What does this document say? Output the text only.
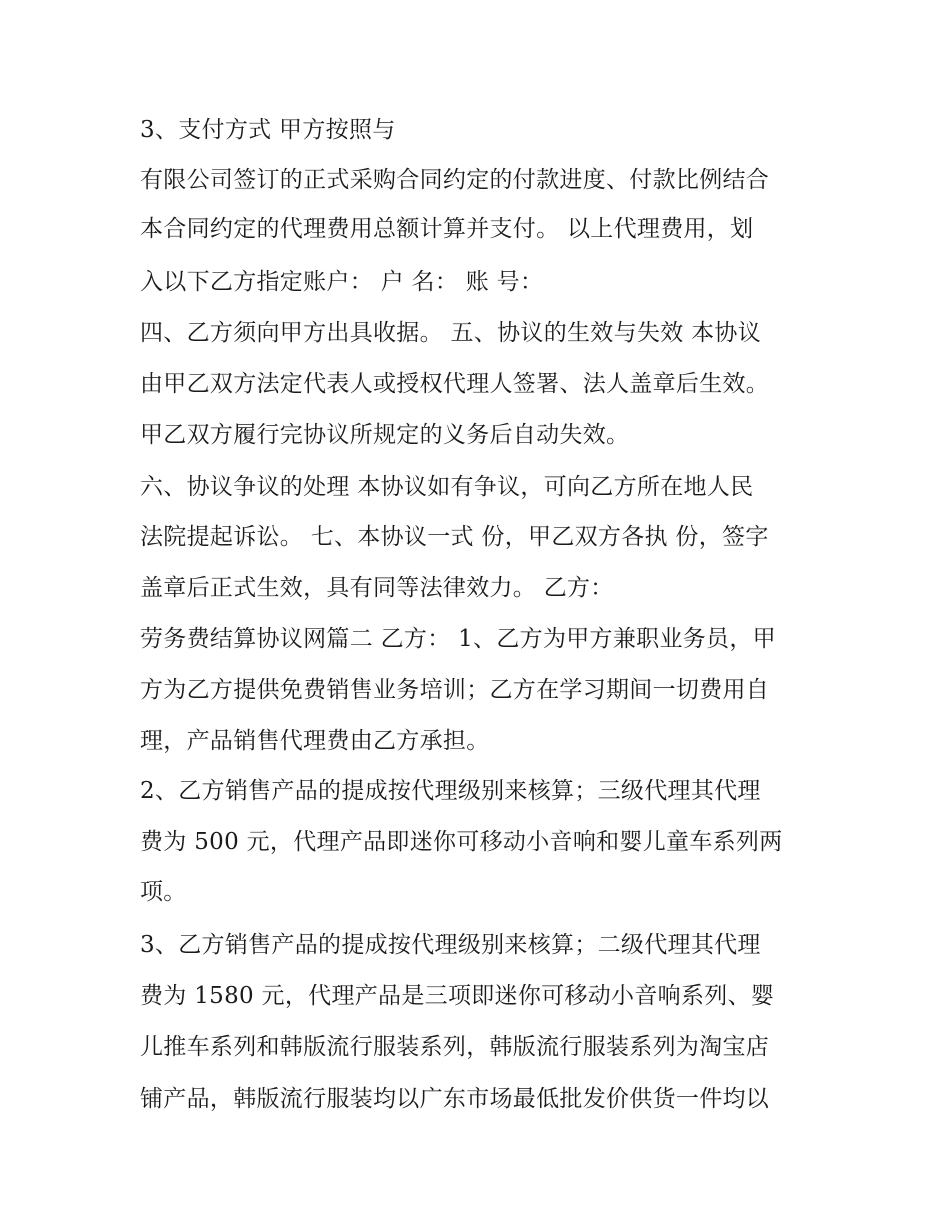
3、支付方式 甲方按照与
有限公司签订的正式采购合同约定的付款进度、付款比例结合
本合同约定的代理费用总额计算并支付。 以上代理费用，划
入以下乙方指定账户： 户 名： 账 号：
四、乙方须向甲方出具收据。 五、协议的生效与失效 本协议
由甲乙双方法定代表人或授权代理人签署、法人盖章后生效。
甲乙双方履行完协议所规定的义务后自动失效。
六、协议争议的处理 本协议如有争议，可向乙方所在地人民
法院提起诉讼。 七、本协议一式 份，甲乙双方各执 份，签字
盖章后正式生效，具有同等法律效力。 乙方：
劳务费结算协议网篇二 乙方： 1、乙方为甲方兼职业务员，甲
方为乙方提供免费销售业务培训；乙方在学习期间一切费用自
理，产品销售代理费由乙方承担。
2、乙方销售产品的提成按代理级别来核算；三级代理其代理
费为 500 元，代理产品即迷你可移动小音响和婴儿童车系列两
项。
3、乙方销售产品的提成按代理级别来核算；二级代理其代理
费为 1580 元，代理产品是三项即迷你可移动小音响系列、婴
儿推车系列和韩版流行服装系列，韩版流行服装系列为淘宝店
铺产品，韩版流行服装均以广东市场最低批发价供货一件均以
